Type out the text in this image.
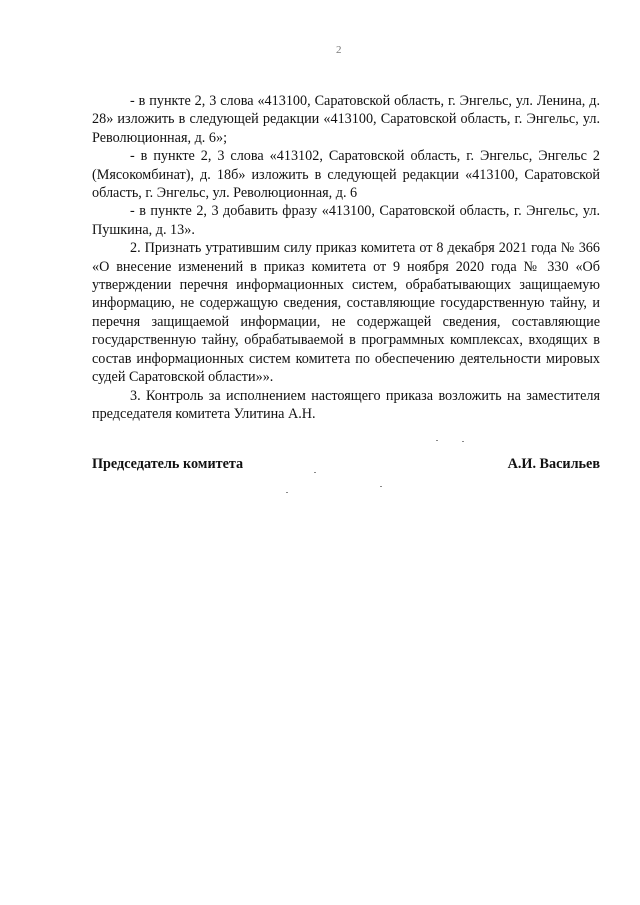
2

- в пункте 2, 3 слова «413100, Саратовской область, г. Энгельс, ул. Ленина, д. 28» изложить в следующей редакции «413100, Саратовской область, г. Энгельс, ул. Революционная, д. 6»;

- в пункте 2, 3 слова «413102, Саратовской область, г. Энгельс, Энгельс 2 (Мясокомбинат), д. 18б» изложить в следующей редакции «413100, Саратовской область, г. Энгельс, ул. Революционная, д. 6

- в пункте 2, 3 добавить фразу «413100, Саратовской область, г. Энгельс, ул. Пушкина, д. 13».

2. Признать утратившим силу приказ комитета от 8 декабря 2021 года № 366 «О внесение изменений в приказ комитета от 9 ноября 2020 года № 330 «Об утверждении перечня информационных систем, обрабатывающих защищаемую информацию, не содержащую сведения, составляющие государственную тайну, и перечня защищаемой информации, не содержащей сведения, составляющие государственную тайну, обрабатываемой в программных комплексах, входящих в состав информационных систем комитета по обеспечению деятельности мировых судей Саратовской области»».

3. Контроль за исполнением настоящего приказа возложить на заместителя председателя комитета Улитина А.Н.

Председатель комитета	А.И. Васильев
